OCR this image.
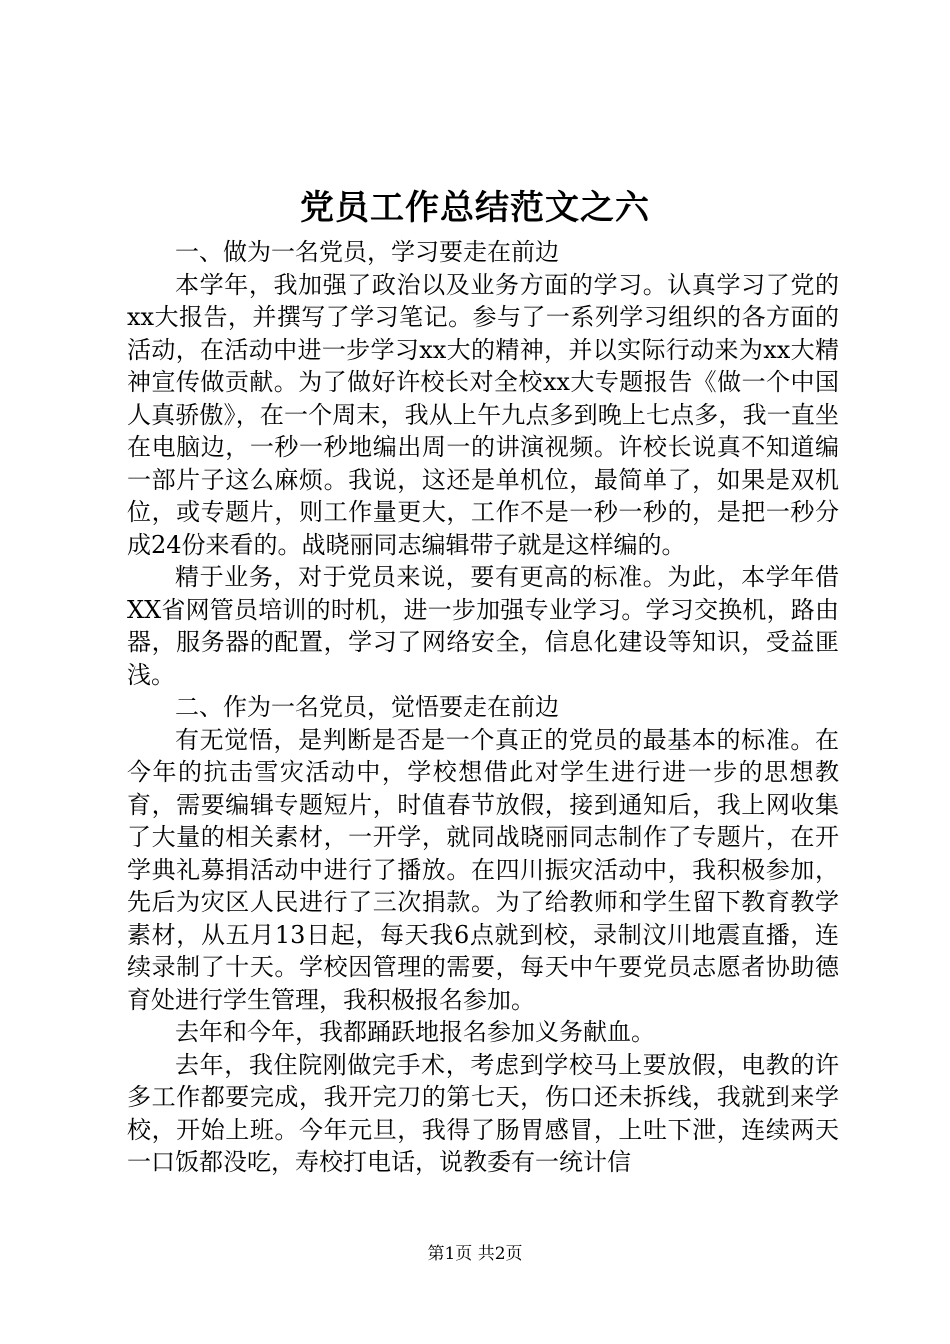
党员工作总结范文之六

一、做为一名党员，学习要走在前边

本学年，我加强了政治以及业务方面的学习。认真学习了党的xx大报告，并撰写了学习笔记。参与了一系列学习组织的各方面的活动，在活动中进一步学习xx大的精神，并以实际行动来为xx大精神宣传做贡献。为了做好许校长对全校xx大专题报告《做一个中国人真骄傲》，在一个周末，我从上午九点多到晚上七点多，我一直坐在电脑边，一秒一秒地编出周一的讲演视频。许校长说真不知道编一部片子这么麻烦。我说，这还是单机位，最简单了，如果是双机位，或专题片，则工作量更大，工作不是一秒一秒的，是把一秒分成24份来看的。战晓丽同志编辑带子就是这样编的。

精于业务，对于党员来说，要有更高的标准。为此，本学年借XX省网管员培训的时机，进一步加强专业学习。学习交换机，路由器，服务器的配置，学习了网络安全，信息化建设等知识，受益匪浅。

二、作为一名党员，觉悟要走在前边

有无觉悟，是判断是否是一个真正的党员的最基本的标准。在今年的抗击雪灾活动中，学校想借此对学生进行进一步的思想教育，需要编辑专题短片，时值春节放假，接到通知后，我上网收集了大量的相关素材，一开学，就同战晓丽同志制作了专题片，在开学典礼募捐活动中进行了播放。在四川振灾活动中，我积极参加，先后为灾区人民进行了三次捐款。为了给教师和学生留下教育教学素材，从五月13日起，每天我6点就到校，录制汶川地震直播，连续录制了十天。学校因管理的需要，每天中午要党员志愿者协助德育处进行学生管理，我积极报名参加。

去年和今年，我都踊跃地报名参加义务献血。

去年，我住院刚做完手术，考虑到学校马上要放假，电教的许多工作都要完成，我开完刀的第七天，伤口还未拆线，我就到来学校，开始上班。今年元旦，我得了肠胃感冒，上吐下泄，连续两天一口饭都没吃，寿校打电话，说教委有一统计信

第1页 共2页
